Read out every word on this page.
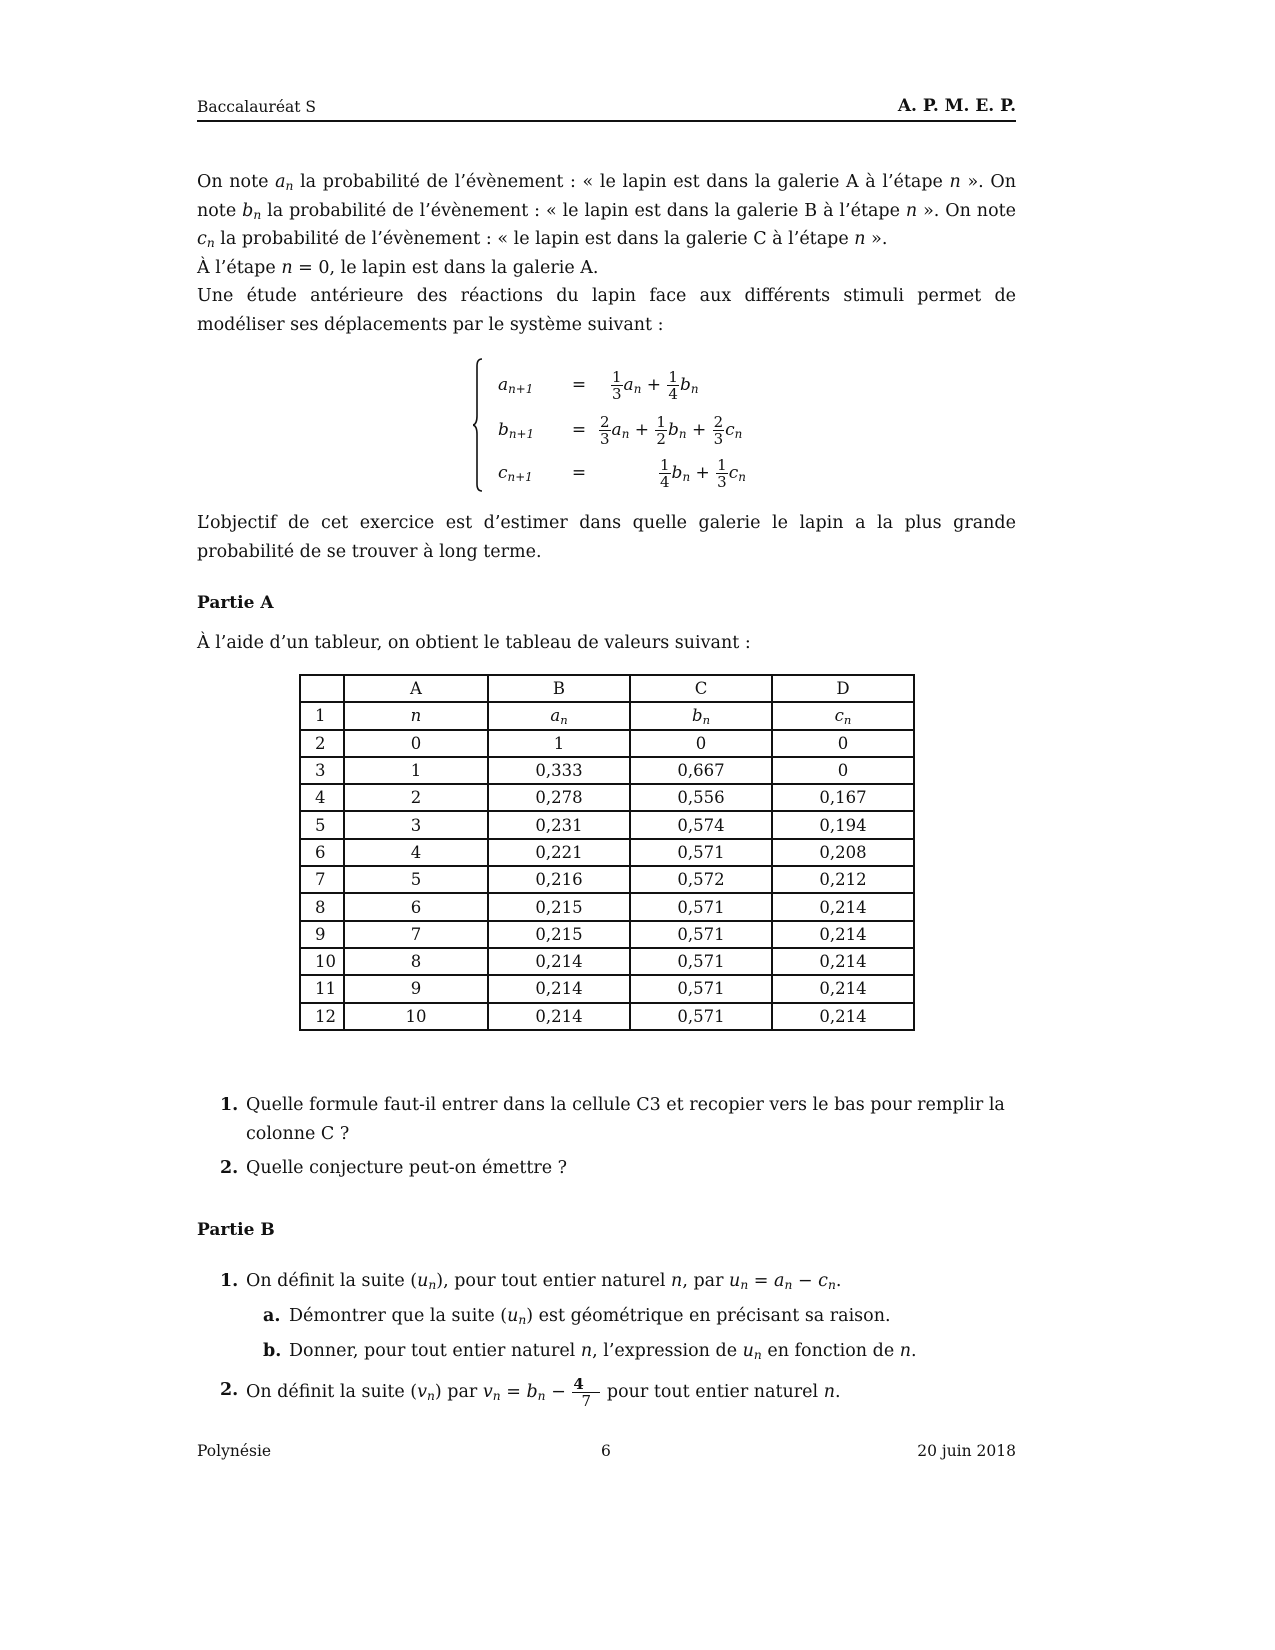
Baccalauréat S	A. P. M. E. P.
On note $a_n$ la probabilité de l’évènement : « le lapin est dans la galerie A à l’étape n ». On note $b_n$ la probabilité de l’évènement : « le lapin est dans la galerie B à l’étape n ». On note $c_n$ la probabilité de l’évènement : « le lapin est dans la galerie C à l’étape n ».
À l’étape n = 0, le lapin est dans la galerie A.
Une étude antérieure des réactions du lapin face aux différents stimuli permet de modéliser ses déplacements par le système suivant :
$a_{n+1}$	=	$\frac{1}{3} a_n + \frac{1}{4} b_n$
$b_{n+1}$	= $\frac{2}{3} a_n + \frac{1}{2} b_n + \frac{2}{3} c_n$
$c_{n+1}$	=	$\frac{1}{4} b_n + \frac{1}{3} c_n$
L’objectif de cet exercice est d’estimer dans quelle galerie le lapin a la plus grande probabilité de se trouver à long terme.
Partie A
À l’aide d’un tableur, on obtient le tableau de valeurs suivant :
	A	B	C	D
1	n	$a_n$	$b_n$	$c_n$
2	0	1	0	0
3	1	0,333	0,667	0
4	2	0,278	0,556	0,167
5	3	0,231	0,574	0,194
6	4	0,221	0,571	0,208
7	5	0,216	0,572	0,212
8	6	0,215	0,571	0,214
9	7	0,215	0,571	0,214
10	8	0,214	0,571	0,214
11	9	0,214	0,571	0,214
12	10	0,214	0,571	0,214
1. Quelle formule faut-il entrer dans la cellule C3 et recopier vers le bas pour remplir la colonne C ?
2. Quelle conjecture peut-on émettre ?
Partie B
1. On définit la suite $(u_n)$, pour tout entier naturel n, par $u_n = a_n - c_n$.
a. Démontrer que la suite $(u_n)$ est géométrique en précisant sa raison.
b. Donner, pour tout entier naturel n, l’expression de $u_n$ en fonction de n.
2. On définit la suite $(v_n)$ par $v_n = b_n - \frac{4}{7}$ pour tout entier naturel n.
Polynésie	6	20 juin 2018
